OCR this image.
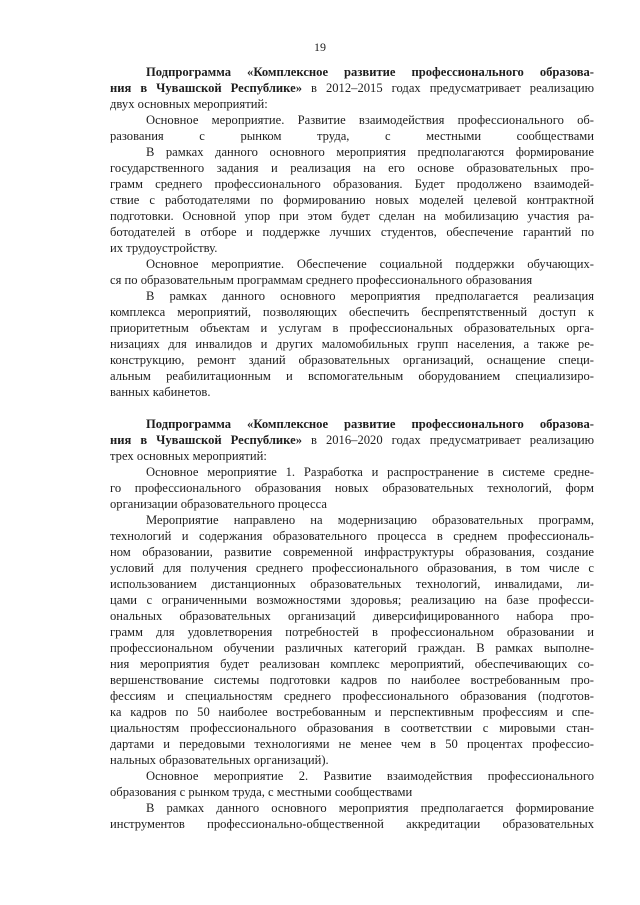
19
Подпрограмма «Комплексное развитие профессионального образова-
ния в Чувашской Республике» в 2012–2015 годах предусматривает реализацию
двух основных мероприятий:
Основное мероприятие. Развитие взаимодействия профессионального об-
разования с рынком труда, с местными сообществами
В рамках данного основного мероприятия предполагаются формирование
государственного задания и реализация на его основе образовательных про-
грамм среднего профессионального образования. Будет продолжено взаимодей-
ствие с работодателями по формированию новых моделей целевой контрактной
подготовки. Основной упор при этом будет сделан на мобилизацию участия ра-
ботодателей в отборе и поддержке лучших студентов, обеспечение гарантий по
их трудоустройству.
Основное мероприятие. Обеспечение социальной поддержки обучающих-
ся по образовательным программам среднего профессионального образования
В рамках данного основного мероприятия предполагается реализация
комплекса мероприятий, позволяющих обеспечить беспрепятственный доступ к
приоритетным объектам и услугам в профессиональных образовательных орга-
низациях для инвалидов и других маломобильных групп населения, а также ре-
конструкцию, ремонт зданий образовательных организаций, оснащение специ-
альным реабилитационным и вспомогательным оборудованием специализиро-
ванных кабинетов.
Подпрограмма «Комплексное развитие профессионального образова-
ния в Чувашской Республике» в 2016–2020 годах предусматривает реализацию
трех основных мероприятий:
Основное мероприятие 1. Разработка и распространение в системе средне-
го профессионального образования новых образовательных технологий, форм
организации образовательного процесса
Мероприятие направлено на модернизацию образовательных программ,
технологий и содержания образовательного процесса в среднем профессиональ-
ном образовании, развитие современной инфраструктуры образования, создание
условий для получения среднего профессионального образования, в том числе с
использованием дистанционных образовательных технологий, инвалидами, ли-
цами с ограниченными возможностями здоровья; реализацию на базе професси-
ональных образовательных организаций диверсифицированного набора про-
грамм для удовлетворения потребностей в профессиональном образовании и
профессиональном обучении различных категорий граждан. В рамках выполне-
ния мероприятия будет реализован комплекс мероприятий, обеспечивающих со-
вершенствование системы подготовки кадров по наиболее востребованным про-
фессиям и специальностям среднего профессионального образования (подготов-
ка кадров по 50 наиболее востребованным и перспективным профессиям и спе-
циальностям профессионального образования в соответствии с мировыми стан-
дартами и передовыми технологиями не менее чем в 50 процентах профессио-
нальных образовательных организаций).
Основное мероприятие 2. Развитие взаимодействия профессионального
образования с рынком труда, с местными сообществами
В рамках данного основного мероприятия предполагается формирование
инструментов профессионально-общественной аккредитации образовательных
